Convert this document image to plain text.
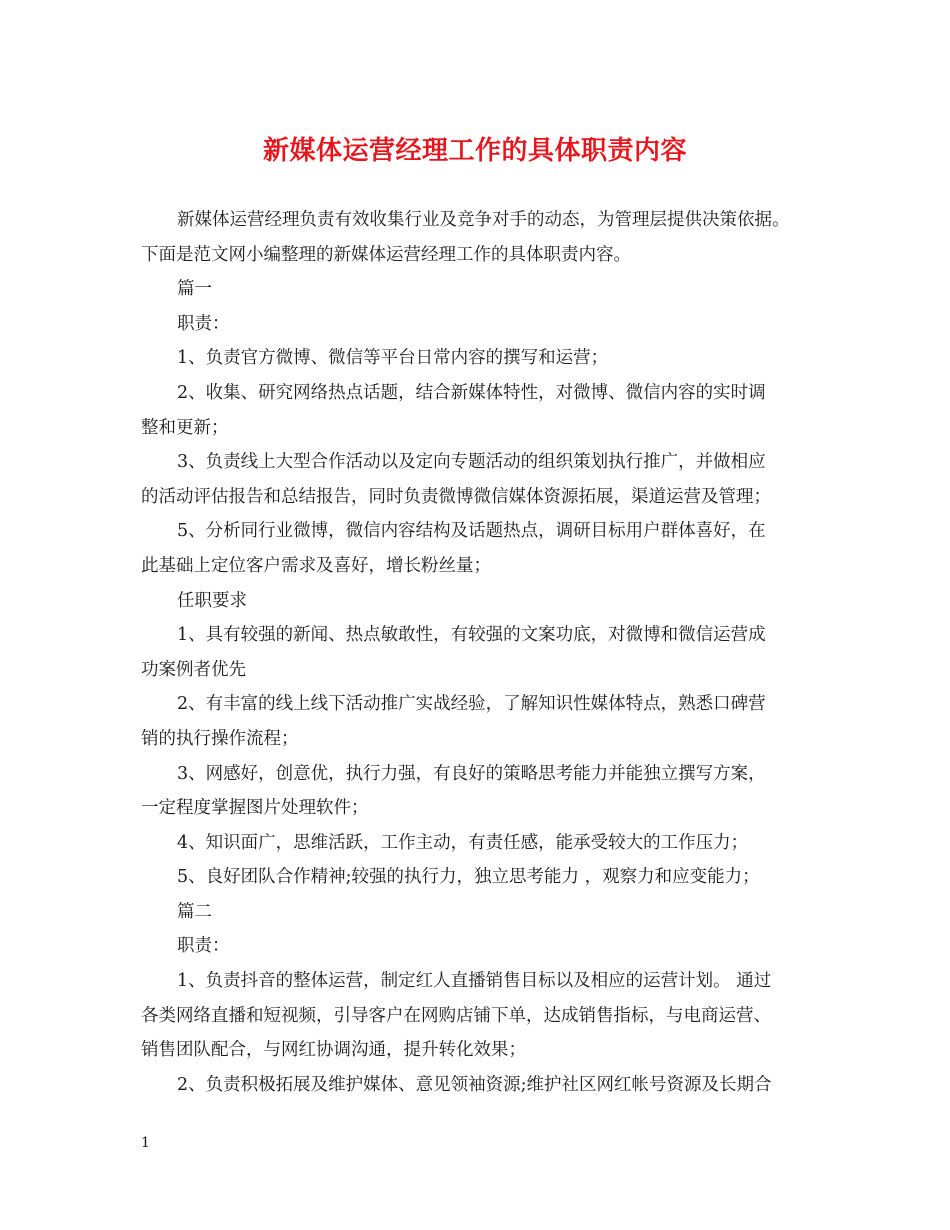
新媒体运营经理工作的具体职责内容
新媒体运营经理负责有效收集行业及竞争对手的动态，为管理层提供决策依据。
下面是范文网小编整理的新媒体运营经理工作的具体职责内容。
篇一
职责：
1、负责官方微博、微信等平台日常内容的撰写和运营；
2、收集、研究网络热点话题，结合新媒体特性，对微博、微信内容的实时调
整和更新；
3、负责线上大型合作活动以及定向专题活动的组织策划执行推广，并做相应
的活动评估报告和总结报告，同时负责微博微信媒体资源拓展，渠道运营及管理；
5、分析同行业微博，微信内容结构及话题热点，调研目标用户群体喜好，在
此基础上定位客户需求及喜好，增长粉丝量；
任职要求
1、具有较强的新闻、热点敏敢性，有较强的文案功底，对微博和微信运营成
功案例者优先
2、有丰富的线上线下活动推广实战经验，了解知识性媒体特点，熟悉口碑营
销的执行操作流程；
3、网感好，创意优，执行力强，有良好的策略思考能力并能独立撰写方案，
一定程度掌握图片处理软件；
4、知识面广，思维活跃，工作主动，有责任感，能承受较大的工作压力；
5、良好团队合作精神;较强的执行力，独立思考能力 ，观察力和应变能力；
篇二
职责：
1、负责抖音的整体运营，制定红人直播销售目标以及相应的运营计划。 通过
各类网络直播和短视频，引导客户在网购店铺下单，达成销售指标，与电商运营、
销售团队配合，与网红协调沟通，提升转化效果；
2、负责积极拓展及维护媒体、意见领袖资源;维护社区网红帐号资源及长期合
1
